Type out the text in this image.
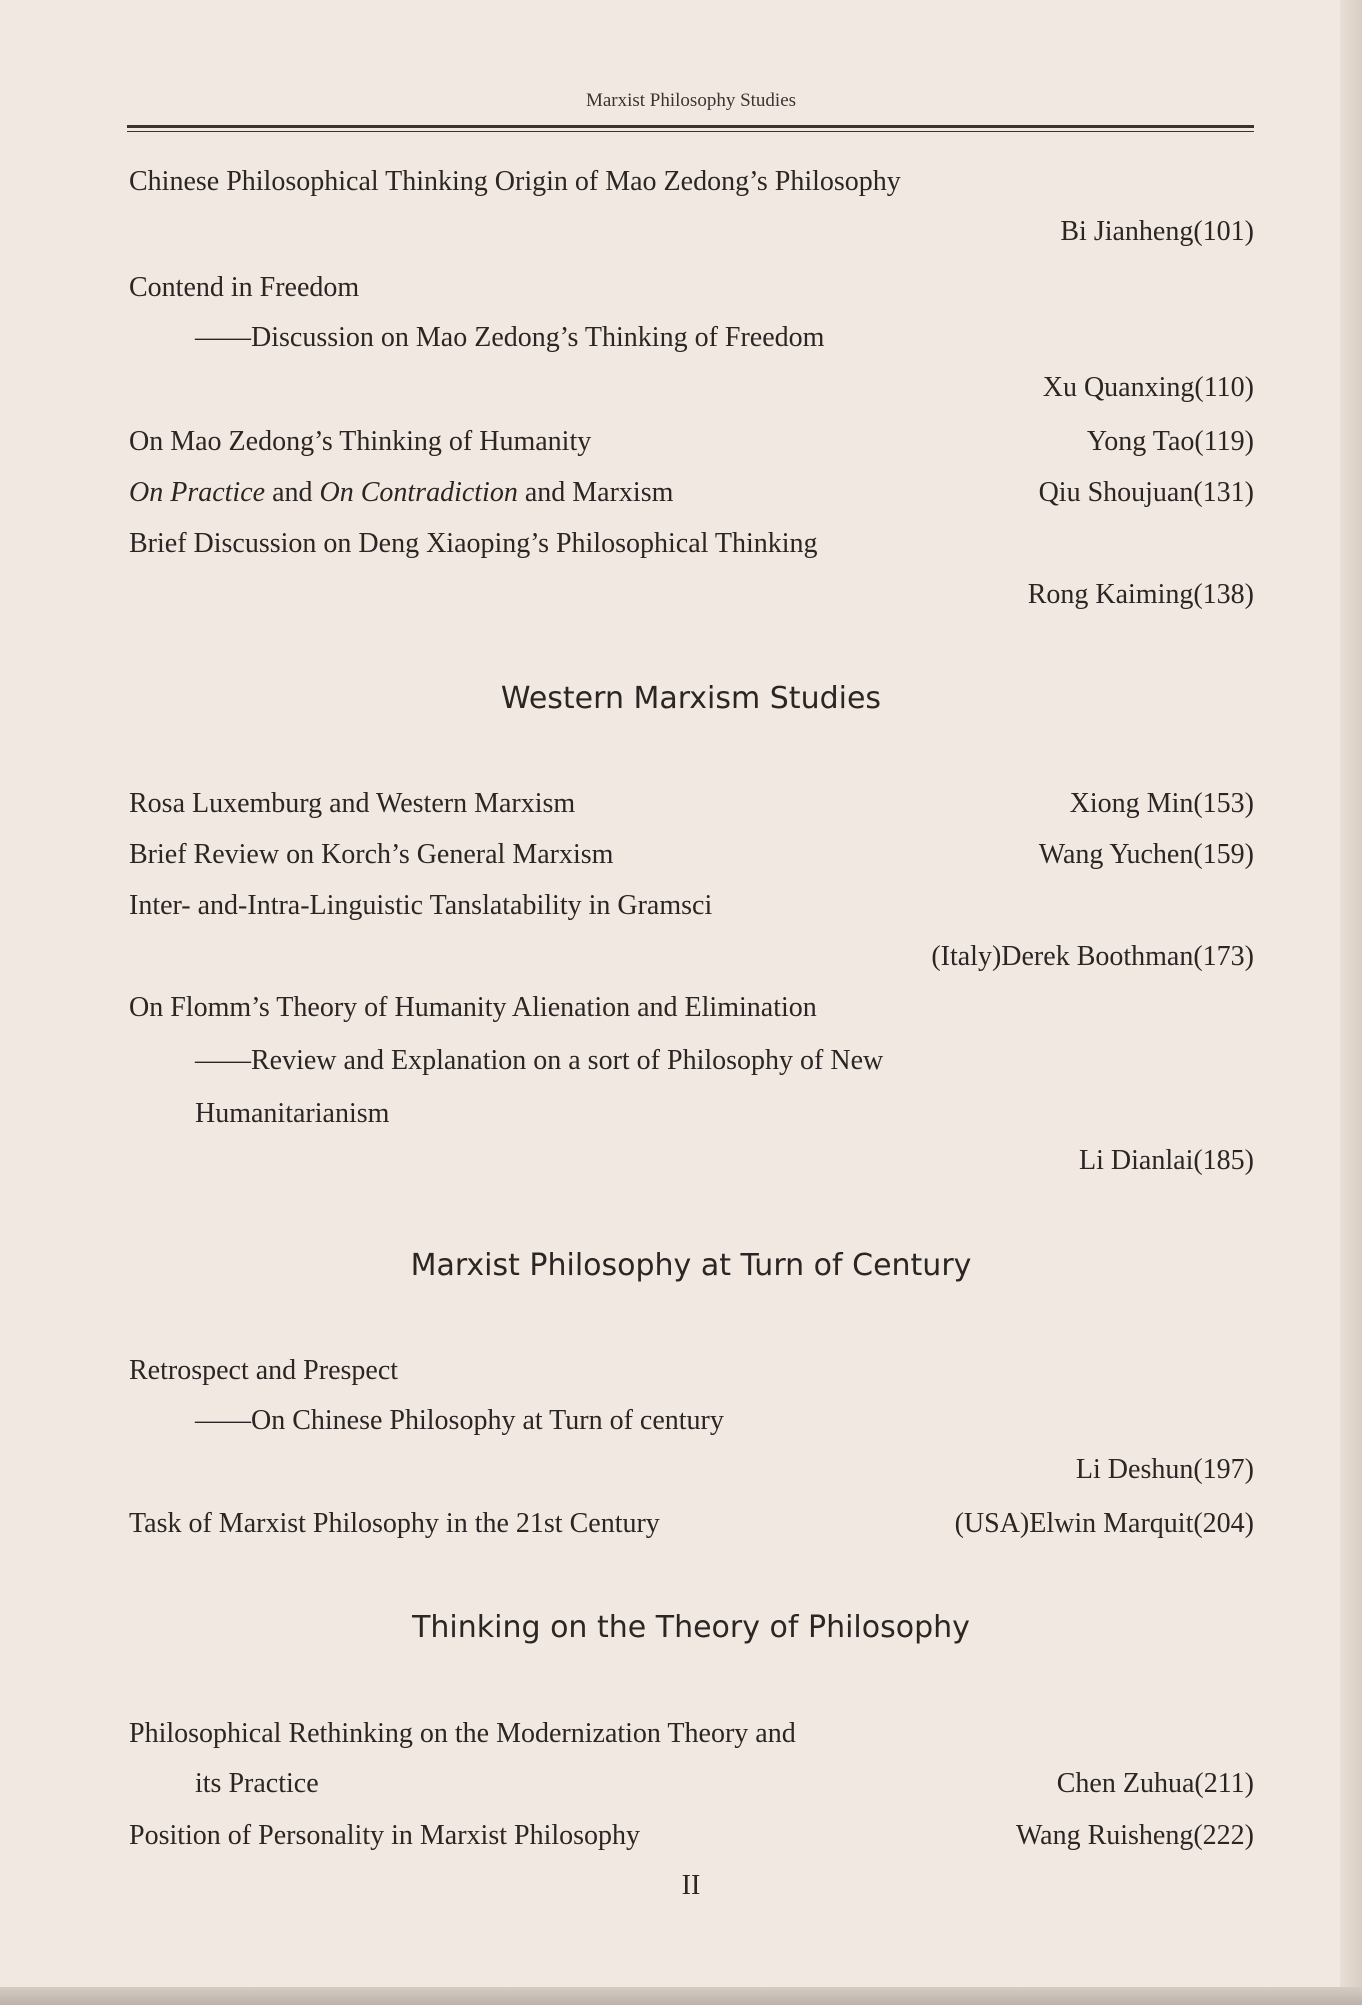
Marxist Philosophy Studies
Chinese Philosophical Thinking Origin of Mao Zedong’s Philosophy
Bi Jianheng(101)
Contend in Freedom
——Discussion on Mao Zedong’s Thinking of Freedom
Xu Quanxing(110)
On Mao Zedong’s Thinking of Humanity	Yong Tao(119)
On Practice and On Contradiction and Marxism	Qiu Shoujuan(131)
Brief Discussion on Deng Xiaoping’s Philosophical Thinking
Rong Kaiming(138)
Western Marxism Studies
Rosa Luxemburg and Western Marxism	Xiong Min(153)
Brief Review on Korch’s General Marxism	Wang Yuchen(159)
Inter- and-Intra-Linguistic Tanslatability in Gramsci
(Italy)Derek Boothman(173)
On Flomm’s Theory of Humanity Alienation and Elimination
——Review and Explanation on a sort of Philosophy of New
Humanitarianism
Li Dianlai(185)
Marxist Philosophy at Turn of Century
Retrospect and Prespect
——On Chinese Philosophy at Turn of century
Li Deshun(197)
Task of Marxist Philosophy in the 21st Century	(USA)Elwin Marquit(204)
Thinking on the Theory of Philosophy
Philosophical Rethinking on the Modernization Theory and
its Practice	Chen Zuhua(211)
Position of Personality in Marxist Philosophy	Wang Ruisheng(222)
II
